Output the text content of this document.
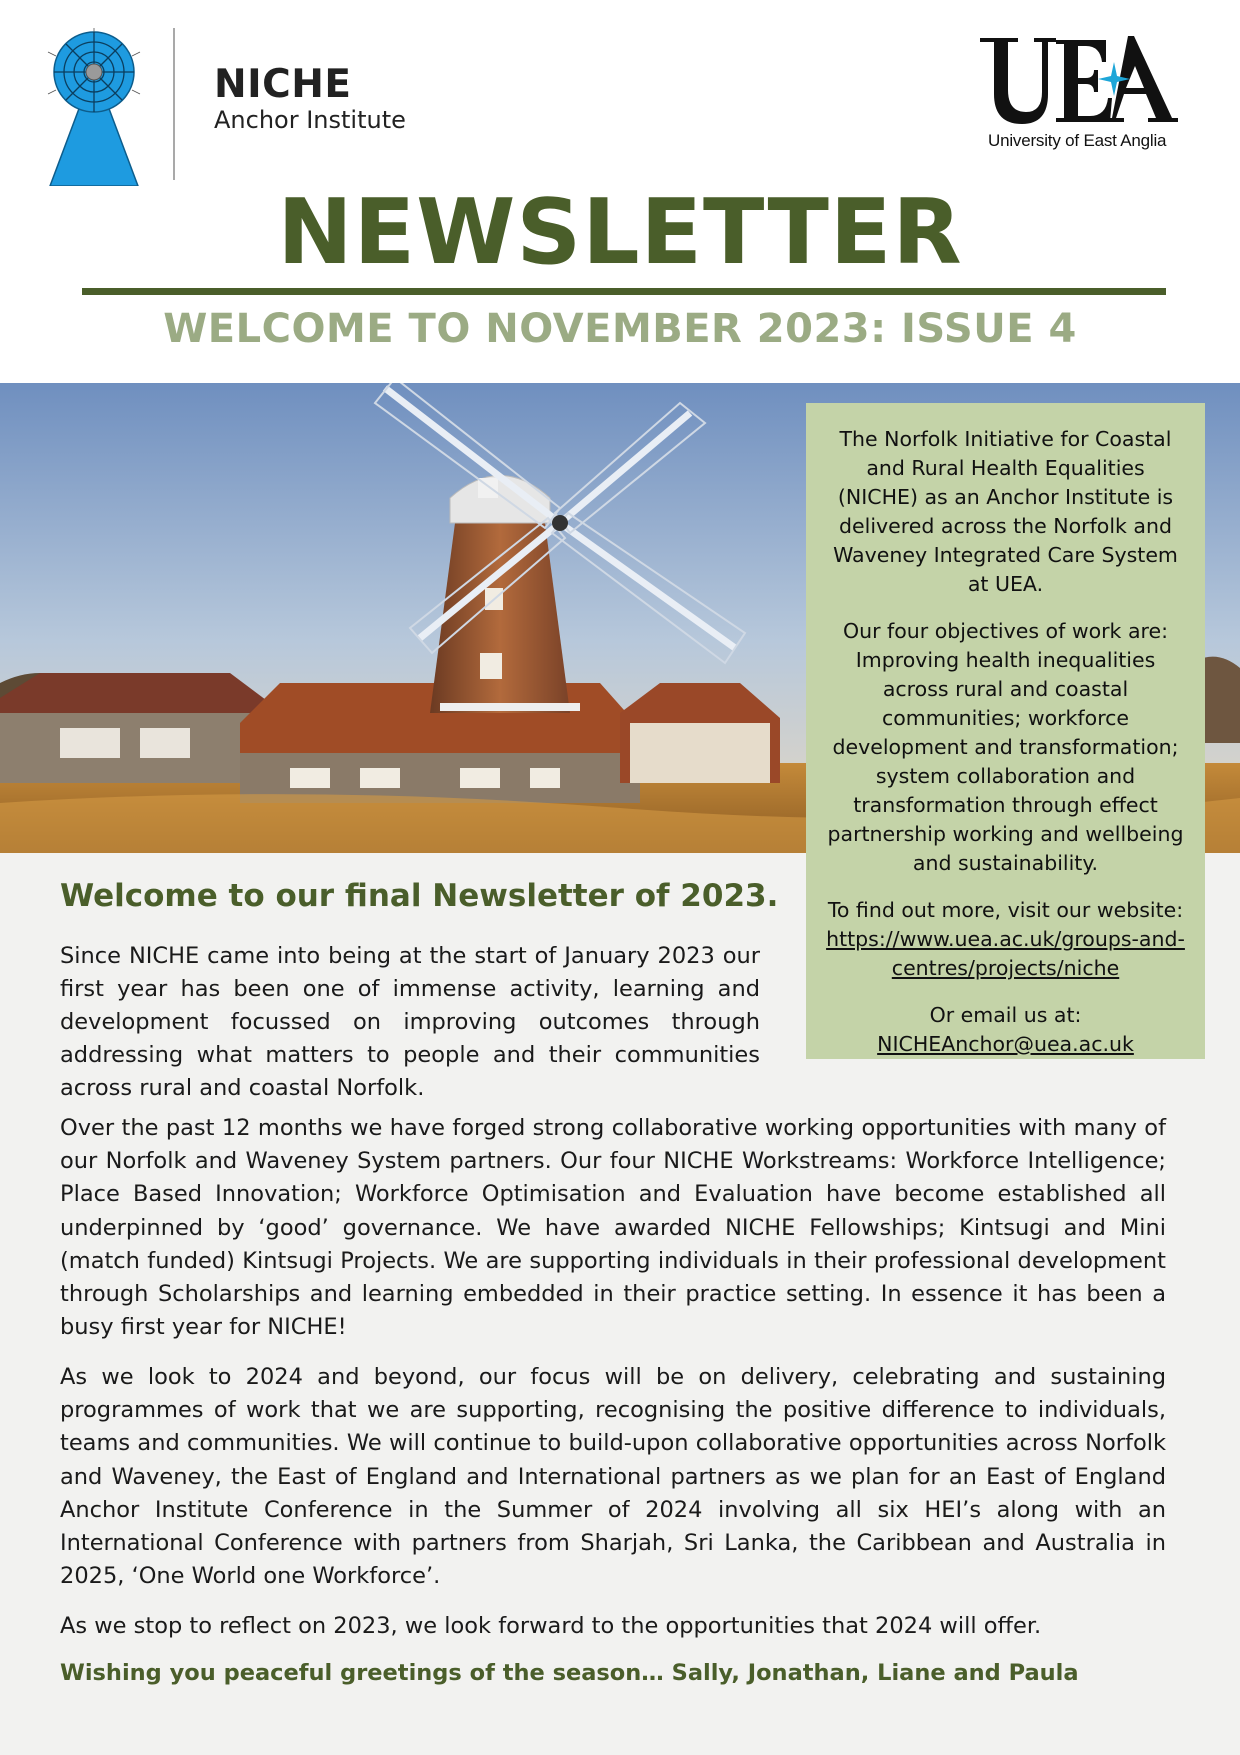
NICHE
Anchor Institute
University of East Anglia
NEWSLETTER
WELCOME TO NOVEMBER 2023: ISSUE 4

The Norfolk Initiative for Coastal and Rural Health Equalities (NICHE) as an Anchor Institute is delivered across the Norfolk and Waveney Integrated Care System at UEA.

Our four objectives of work are: Improving health inequalities across rural and coastal communities; workforce development and transformation; system collaboration and transformation through effect partnership working and wellbeing and sustainability.

To find out more, visit our website:
https://www.uea.ac.uk/groups-and-centres/projects/niche

Or email us at:
NICHEAnchor@uea.ac.uk

Welcome to our final Newsletter of 2023.

Since NICHE came into being at the start of January 2023 our first year has been one of immense activity, learning and development focussed on improving outcomes through addressing what matters to people and their communities across rural and coastal Norfolk.

Over the past 12 months we have forged strong collaborative working opportunities with many of our Norfolk and Waveney System partners. Our four NICHE Workstreams: Workforce Intelligence; Place Based Innovation; Workforce Optimisation and Evaluation have become established all underpinned by ‘good’ governance. We have awarded NICHE Fellowships; Kintsugi and Mini (match funded) Kintsugi Projects. We are supporting individuals in their professional development through Scholarships and learning embedded in their practice setting. In essence it has been a busy first year for NICHE!

As we look to 2024 and beyond, our focus will be on delivery, celebrating and sustaining programmes of work that we are supporting, recognising the positive difference to individuals, teams and communities. We will continue to build-upon collaborative opportunities across Norfolk and Waveney, the East of England and International partners as we plan for an East of England Anchor Institute Conference in the Summer of 2024 involving all six HEI’s along with an International Conference with partners from Sharjah, Sri Lanka, the Caribbean and Australia in 2025, ‘One World one Workforce’.

As we stop to reflect on 2023, we look forward to the opportunities that 2024 will offer.

Wishing you peaceful greetings of the season… Sally, Jonathan, Liane and Paula
